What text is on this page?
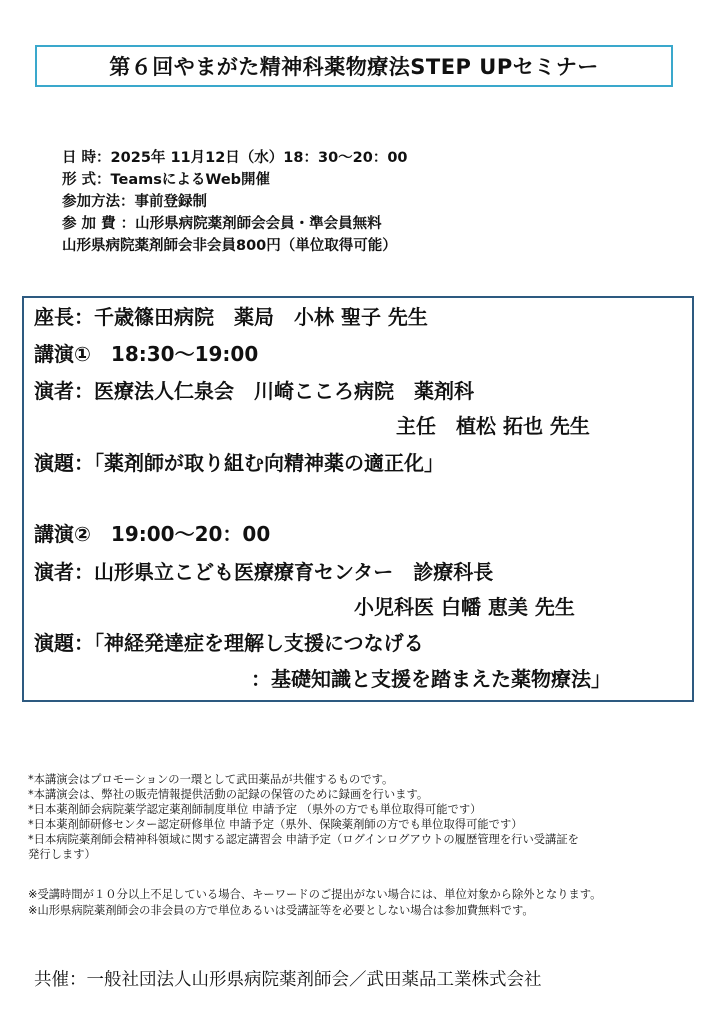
第６回やまがた精神科薬物療法STEP UPセミナー
日 時：2025年 11月12日（水）18：30～20：00
形 式：TeamsによるWeb開催
参加方法：事前登録制
参 加 費 ：山形県病院薬剤師会会員・準会員無料
山形県病院薬剤師会非会員800円（単位取得可能）
座長：千歳篠田病院　薬局　小林 聖子 先生
講演①　18:30～19:00
演者：医療法人仁泉会　川崎こころ病院　薬剤科
主任　植松 拓也 先生
演題：「薬剤師が取り組む向精神薬の適正化」
講演②　19:00～20：00
演者：山形県立こども医療療育センター　診療科長
小児科医 白幡 恵美 先生
演題：「神経発達症を理解し支援につなげる
：基礎知識と支援を踏まえた薬物療法」
*本講演会はプロモーションの一環として武田薬品が共催するものです。
*本講演会は、弊社の販売情報提供活動の記録の保管のために録画を行います。
*日本薬剤師会病院薬学認定薬剤師制度単位 申請予定 （県外の方でも単位取得可能です）
*日本薬剤師研修センター認定研修単位 申請予定（県外、保険薬剤師の方でも単位取得可能です）
*日本病院薬剤師会精神科領域に関する認定講習会 申請予定（ログインログアウトの履歴管理を行い受講証を
発行します）
※受講時間が１０分以上不足している場合、キーワードのご提出がない場合には、単位対象から除外となります。
※山形県病院薬剤師会の非会員の方で単位あるいは受講証等を必要としない場合は参加費無料です。
共催：一般社団法人山形県病院薬剤師会／武田薬品工業株式会社
